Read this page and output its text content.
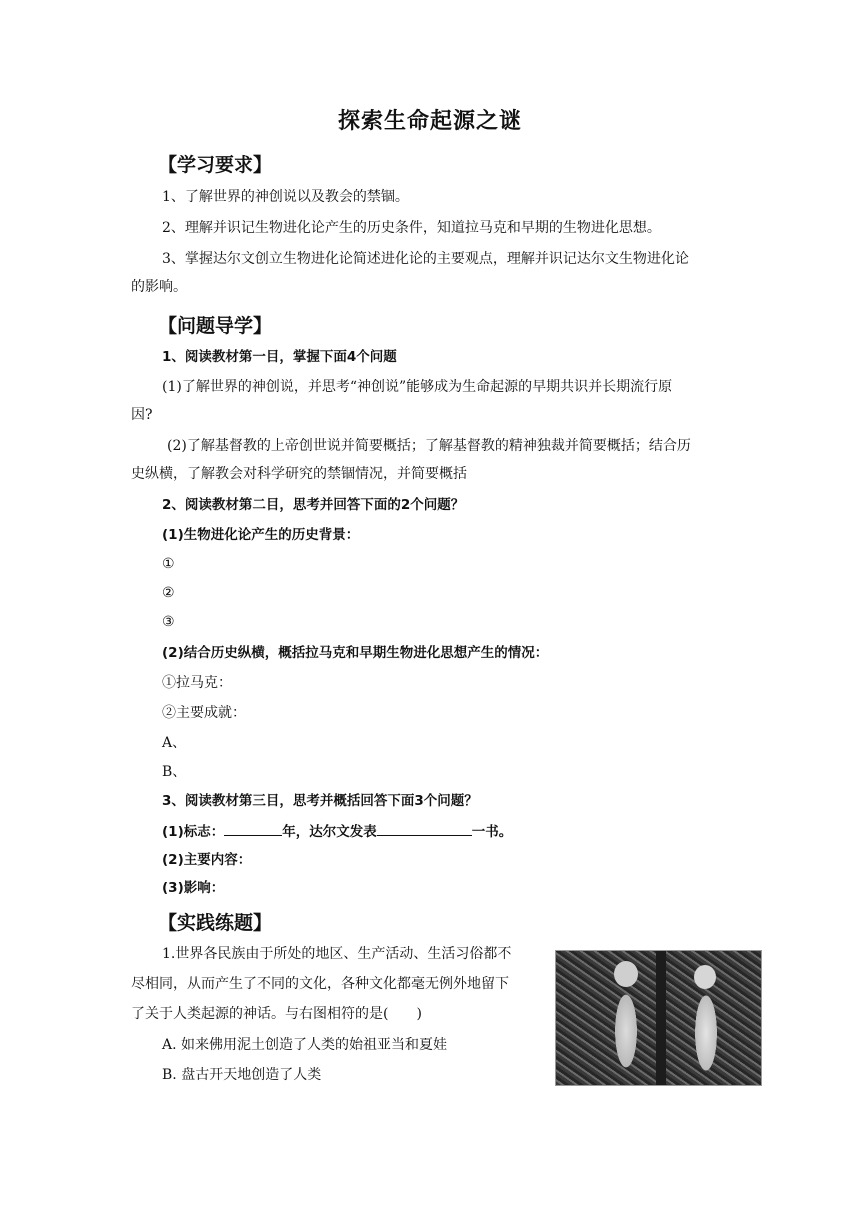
探索生命起源之谜
【学习要求】
1、了解世界的神创说以及教会的禁锢。
2、理解并识记生物进化论产生的历史条件，知道拉马克和早期的生物进化思想。
3、掌握达尔文创立生物进化论简述进化论的主要观点，理解并识记达尔文生物进化论
的影响。
【问题导学】
1、阅读教材第一目，掌握下面4个问题
(1)了解世界的神创说，并思考“神创说”能够成为生命起源的早期共识并长期流行原
因?
(2)了解基督教的上帝创世说并简要概括；了解基督教的精神独裁并简要概括；结合历
史纵横，了解教会对科学研究的禁锢情况，并简要概括
2、阅读教材第二目，思考并回答下面的2个问题？
(1)生物进化论产生的历史背景：
①
②
③
(2)结合历史纵横，概括拉马克和早期生物进化思想产生的情况：
①拉马克：
②主要成就：
A、
B、
3、阅读教材第三目，思考并概括回答下面3个问题？
(1)标志：	年，达尔文发表	一书。
(2)主要内容：
(3)影响：
【实践练题】
1.世界各民族由于所处的地区、生产活动、生活习俗都不
尽相同，从而产生了不同的文化，各种文化都毫无例外地留下
了关于人类起源的神话。与右图相符的是(　　)
A. 如来佛用泥土创造了人类的始祖亚当和夏娃
B. 盘古开天地创造了人类
